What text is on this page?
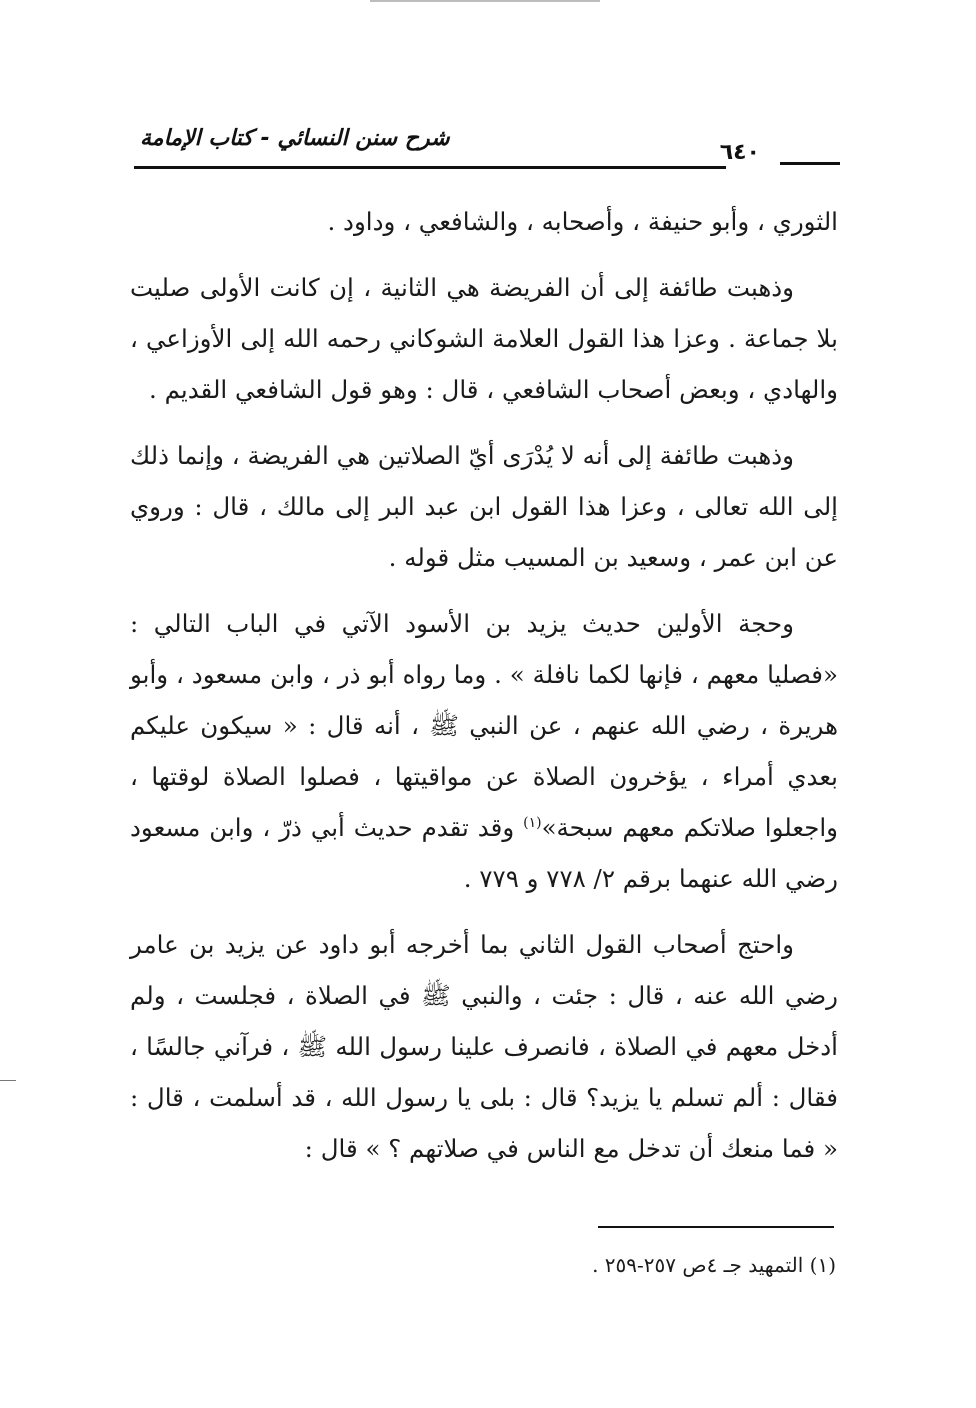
شرح سنن النسائي - كتاب الإمامة
٦٤٠

الثوري ، وأبو حنيفة ، وأصحابه ، والشافعي ، وداود .

وذهبت طائفة إلى أن الفريضة هي الثانية ، إن كانت الأولى صليت بلا جماعة . وعزا هذا القول العلامة الشوكاني رحمه الله إلى الأوزاعي ، والهادي ، وبعض أصحاب الشافعي ، قال : وهو قول الشافعي القديم .

وذهبت طائفة إلى أنه لا يُدْرَى أيّ الصلاتين هي الفريضة ، وإنما ذلك إلى الله تعالى ، وعزا هذا القول ابن عبد البر إلى مالك ، قال : وروي عن ابن عمر ، وسعيد بن المسيب مثل قوله .

وحجة الأولين حديث يزيد بن الأسود الآتي في الباب التالي : «فصليا معهم ، فإنها لكما نافلة » . وما رواه أبو ذر ، وابن مسعود ، وأبو هريرة ، رضي الله عنهم ، عن النبي ﷺ ، أنه قال : « سيكون عليكم بعدي أمراء ، يؤخرون الصلاة عن مواقيتها ، فصلوا الصلاة لوقتها ، واجعلوا صلاتكم معهم سبحة»$^{(١)}$ وقد تقدم حديث أبي ذرّ ، وابن مسعود رضي الله عنهما برقم ٢/ ٧٧٨ و ٧٧٩ .

واحتج أصحاب القول الثاني بما أخرجه أبو داود عن يزيد بن عامر رضي الله عنه ، قال : جئت ، والنبي ﷺ في الصلاة ، فجلست ، ولم أدخل معهم في الصلاة ، فانصرف علينا رسول الله ﷺ ، فرآني جالسًا ، فقال : ألم تسلم يا يزيد؟ قال : بلى يا رسول الله ، قد أسلمت ، قال : « فما منعك أن تدخل مع الناس في صلاتهم ؟ » قال :

(١) التمهيد جـ ٤ص ٢٥٧-٢٥٩ .
